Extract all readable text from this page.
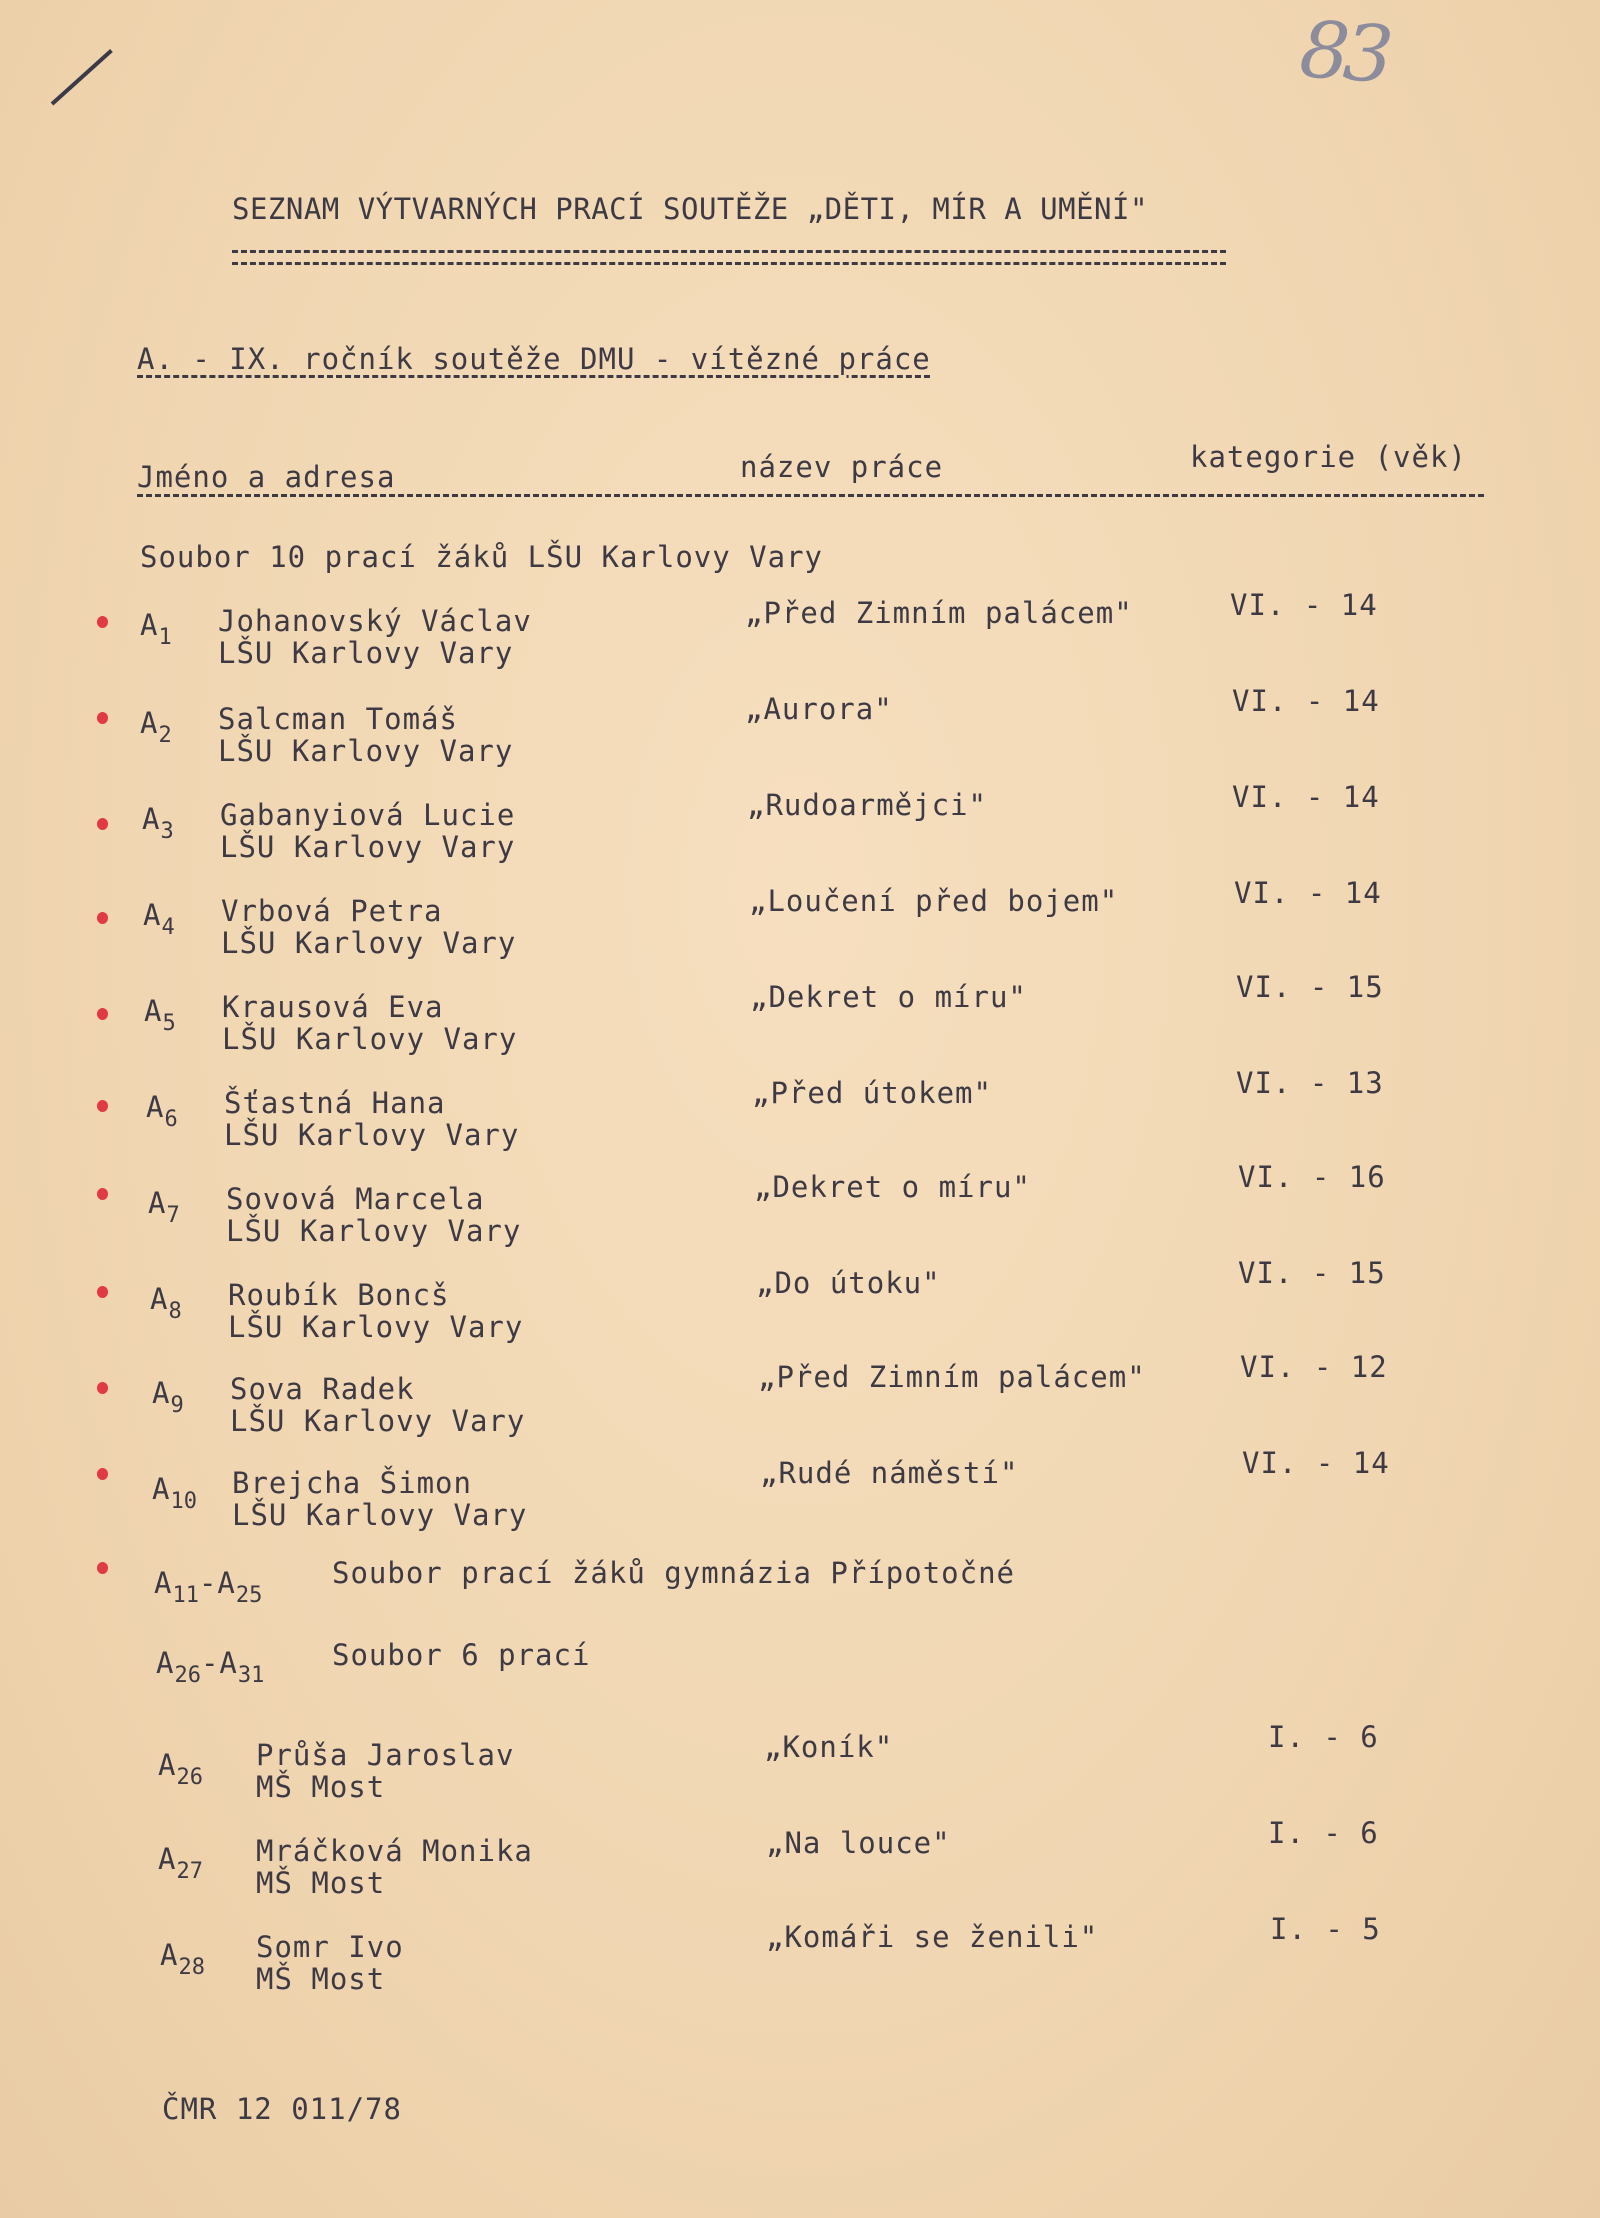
83
SEZNAM VÝTVARNÝCH PRACÍ SOUTĚŽE „DĚTI, MÍR A UMĚNÍ"
A. - IX. ročník soutěže DMU - vítězné práce
Jméno a adresa	název práce	kategorie (věk)
Soubor 10 prací žáků LŠU Karlovy Vary
$A_1$ Johanovský Václav
LŠU Karlovy Vary
„Před Zimním palácem"	VI. - 14
$A_2$ Salcman Tomáš
LŠU Karlovy Vary
„Aurora"	VI. - 14
$A_3$ Gabanyiová Lucie
LŠU Karlovy Vary
„Rudoarmějci"	VI. - 14
$A_4$ Vrbová Petra
LŠU Karlovy Vary
„Loučení před bojem"	VI. - 14
$A_5$ Krausová Eva
LŠU Karlovy Vary
„Dekret o míru"	VI. - 15
$A_6$ Šťastná Hana
LŠU Karlovy Vary
„Před útokem"	VI. - 13
$A_7$ Sovová Marcela
LŠU Karlovy Vary
„Dekret o míru"	VI. - 16
$A_8$ Roubík Boncš
LŠU Karlovy Vary
„Do útoku"	VI. - 15
$A_9$ Sova Radek
LŠU Karlovy Vary
„Před Zimním palácem"	VI. - 12
$A_{10}$
Brejcha Šimon
LŠU Karlovy Vary
„Rudé náměstí"	VI. - 14
$A_{11}-A_{25}$
Soubor prací žáků gymnázia Přípotočné
$A_{26}-A_{31}$
Soubor 6 prací
$A_{26}$
Průša Jaroslav
MŠ Most
„Koník"	I. - 6
$A_{27}$
Mráčková Monika
MŠ Most
„Na louce"	I. - 6
$A_{28}$
Somr Ivo
MŠ Most
„Komáři se ženili"	I. - 5
ČMR 12 011/78
